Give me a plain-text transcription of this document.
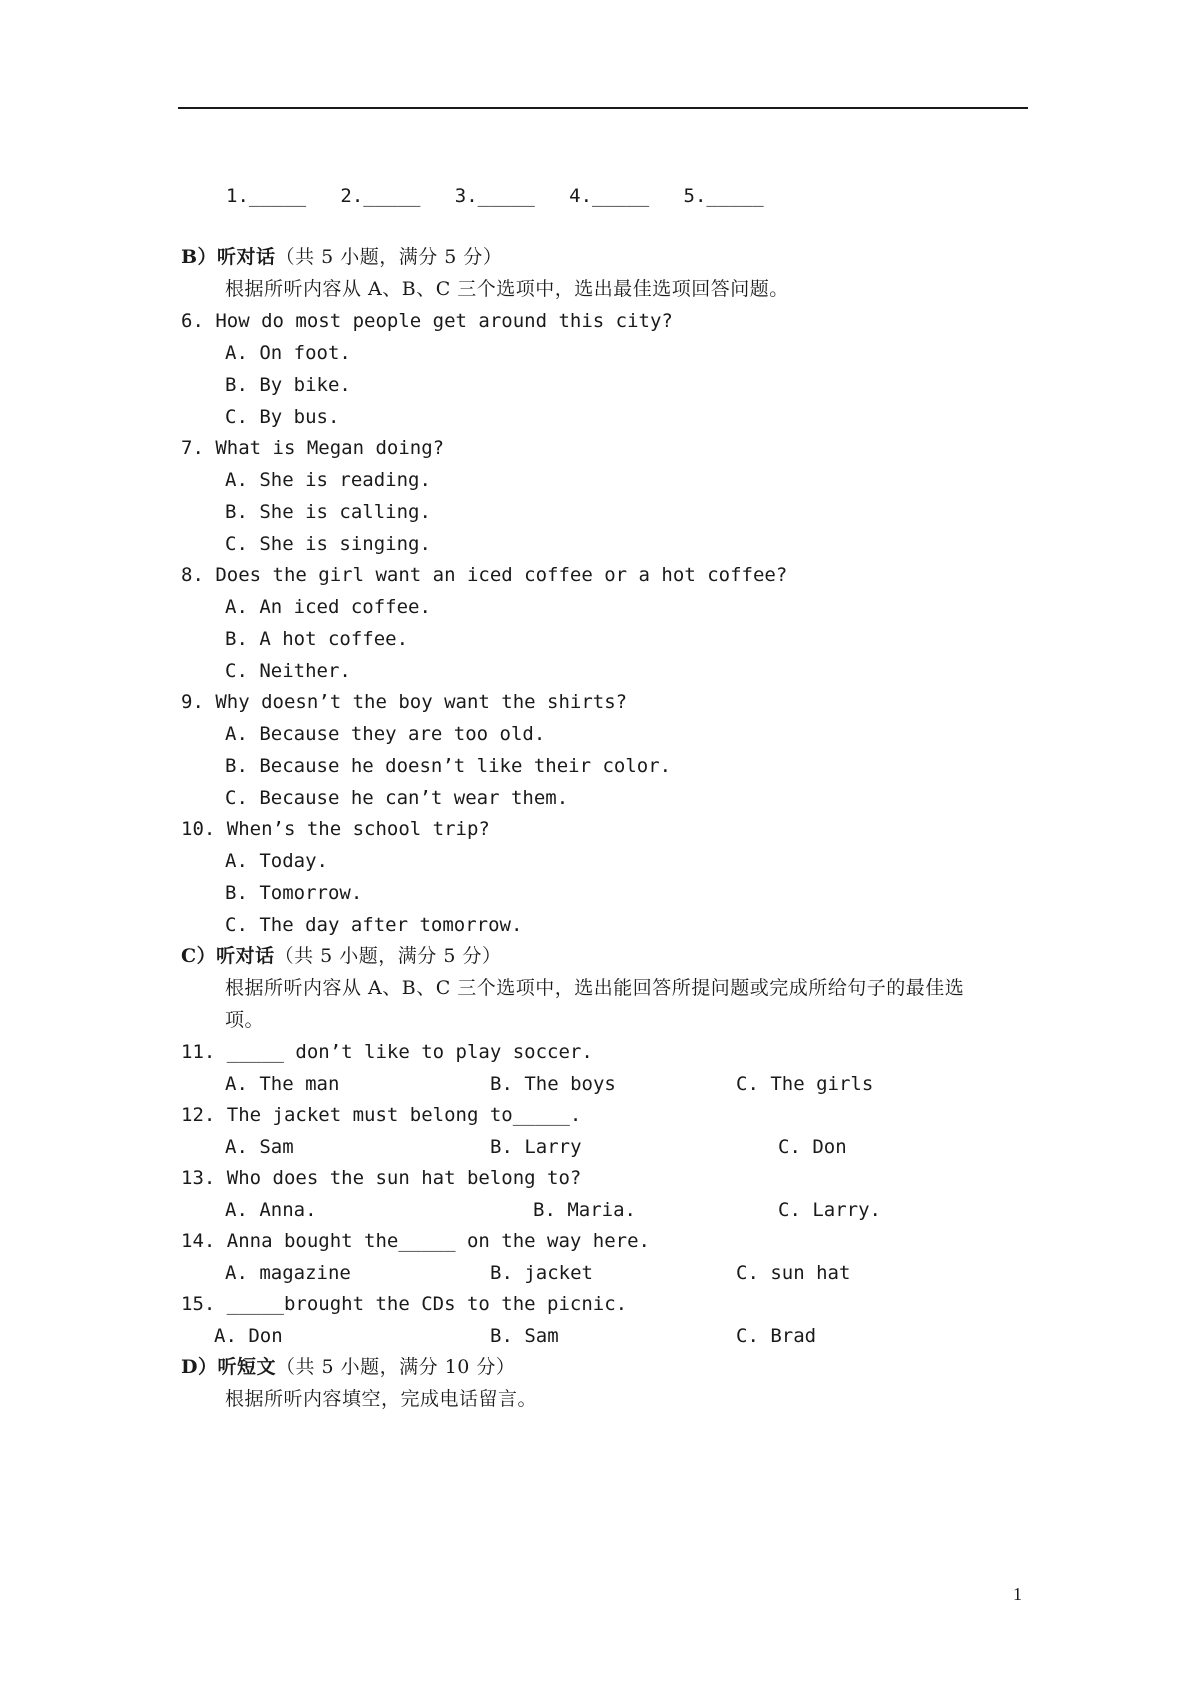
1._____   2._____   3._____   4._____   5._____
B）听对话（共 5 小题，满分 5 分）
根据所听内容从 A、B、C 三个选项中，选出最佳选项回答问题。
6. How do most people get around this city?
A. On foot.
B. By bike.
C. By bus.
7. What is Megan doing?
A. She is reading.
B. She is calling.
C. She is singing.
8. Does the girl want an iced coffee or a hot coffee?
A. An iced coffee.
B. A hot coffee.
C. Neither.
9. Why doesn’t the boy want the shirts?
A. Because they are too old.
B. Because he doesn’t like their color.
C. Because he can’t wear them.
10. When’s the school trip?
A. Today.
B. Tomorrow.
C. The day after tomorrow.
C）听对话（共 5 小题，满分 5 分）
根据所听内容从 A、B、C 三个选项中，选出能回答所提问题或完成所给句子的最佳选
项。
11. _____ don’t like to play soccer.
A. The man	B. The boys	C. The girls
12. The jacket must belong to_____.
A. Sam	B. Larry	C. Don
13. Who does the sun hat belong to?
A. Anna.	B. Maria.	C. Larry.
14. Anna bought the_____ on the way here.
A. magazine	B. jacket	C. sun hat
15. _____brought the CDs to the picnic.
A. Don	B. Sam	C. Brad
D）听短文（共 5 小题，满分 10 分）
根据所听内容填空，完成电话留言。
1
